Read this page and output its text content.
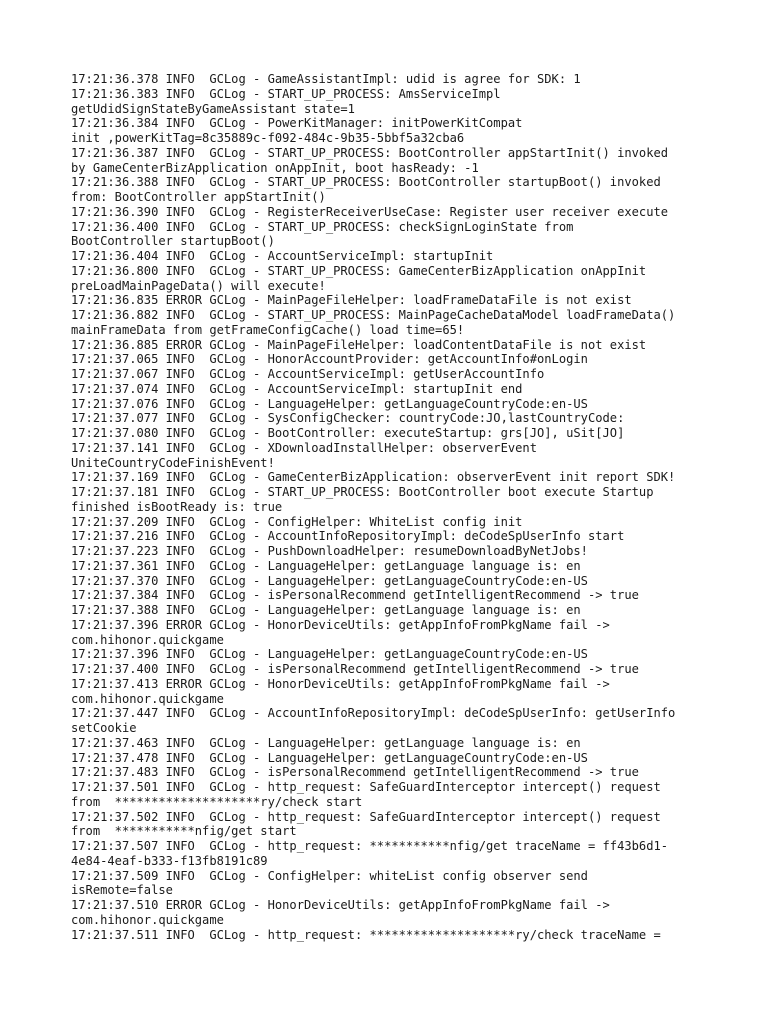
17:21:36.378 INFO  GCLog - GameAssistantImpl: udid is agree for SDK: 1
17:21:36.383 INFO  GCLog - START_UP_PROCESS: AmsServiceImpl
getUdidSignStateByGameAssistant state=1
17:21:36.384 INFO  GCLog - PowerKitManager: initPowerKitCompat
init ,powerKitTag=8c35889c-f092-484c-9b35-5bbf5a32cba6
17:21:36.387 INFO  GCLog - START_UP_PROCESS: BootController appStartInit() invoked
by GameCenterBizApplication onAppInit, boot hasReady: -1
17:21:36.388 INFO  GCLog - START_UP_PROCESS: BootController startupBoot() invoked
from: BootController appStartInit()
17:21:36.390 INFO  GCLog - RegisterReceiverUseCase: Register user receiver execute
17:21:36.400 INFO  GCLog - START_UP_PROCESS: checkSignLoginState from
BootController startupBoot()
17:21:36.404 INFO  GCLog - AccountServiceImpl: startupInit
17:21:36.800 INFO  GCLog - START_UP_PROCESS: GameCenterBizApplication onAppInit
preLoadMainPageData() will execute!
17:21:36.835 ERROR GCLog - MainPageFileHelper: loadFrameDataFile is not exist
17:21:36.882 INFO  GCLog - START_UP_PROCESS: MainPageCacheDataModel loadFrameData()
mainFrameData from getFrameConfigCache() load time=65!
17:21:36.885 ERROR GCLog - MainPageFileHelper: loadContentDataFile is not exist
17:21:37.065 INFO  GCLog - HonorAccountProvider: getAccountInfo#onLogin
17:21:37.067 INFO  GCLog - AccountServiceImpl: getUserAccountInfo
17:21:37.074 INFO  GCLog - AccountServiceImpl: startupInit end
17:21:37.076 INFO  GCLog - LanguageHelper: getLanguageCountryCode:en-US
17:21:37.077 INFO  GCLog - SysConfigChecker: countryCode:JO,lastCountryCode:
17:21:37.080 INFO  GCLog - BootController: executeStartup: grs[JO], uSit[JO]
17:21:37.141 INFO  GCLog - XDownloadInstallHelper: observerEvent
UniteCountryCodeFinishEvent!
17:21:37.169 INFO  GCLog - GameCenterBizApplication: observerEvent init report SDK!
17:21:37.181 INFO  GCLog - START_UP_PROCESS: BootController boot execute Startup
finished isBootReady is: true
17:21:37.209 INFO  GCLog - ConfigHelper: WhiteList config init
17:21:37.216 INFO  GCLog - AccountInfoRepositoryImpl: deCodeSpUserInfo start
17:21:37.223 INFO  GCLog - PushDownloadHelper: resumeDownloadByNetJobs!
17:21:37.361 INFO  GCLog - LanguageHelper: getLanguage language is: en
17:21:37.370 INFO  GCLog - LanguageHelper: getLanguageCountryCode:en-US
17:21:37.384 INFO  GCLog - isPersonalRecommend getIntelligentRecommend -> true
17:21:37.388 INFO  GCLog - LanguageHelper: getLanguage language is: en
17:21:37.396 ERROR GCLog - HonorDeviceUtils: getAppInfoFromPkgName fail ->
com.hihonor.quickgame
17:21:37.396 INFO  GCLog - LanguageHelper: getLanguageCountryCode:en-US
17:21:37.400 INFO  GCLog - isPersonalRecommend getIntelligentRecommend -> true
17:21:37.413 ERROR GCLog - HonorDeviceUtils: getAppInfoFromPkgName fail ->
com.hihonor.quickgame
17:21:37.447 INFO  GCLog - AccountInfoRepositoryImpl: deCodeSpUserInfo: getUserInfo
setCookie
17:21:37.463 INFO  GCLog - LanguageHelper: getLanguage language is: en
17:21:37.478 INFO  GCLog - LanguageHelper: getLanguageCountryCode:en-US
17:21:37.483 INFO  GCLog - isPersonalRecommend getIntelligentRecommend -> true
17:21:37.501 INFO  GCLog - http_request: SafeGuardInterceptor intercept() request
from  ********************ry/check start
17:21:37.502 INFO  GCLog - http_request: SafeGuardInterceptor intercept() request
from  ***********nfig/get start
17:21:37.507 INFO  GCLog - http_request: ***********nfig/get traceName = ff43b6d1-
4e84-4eaf-b333-f13fb8191c89
17:21:37.509 INFO  GCLog - ConfigHelper: whiteList config observer send
isRemote=false
17:21:37.510 ERROR GCLog - HonorDeviceUtils: getAppInfoFromPkgName fail ->
com.hihonor.quickgame
17:21:37.511 INFO  GCLog - http_request: ********************ry/check traceName =
